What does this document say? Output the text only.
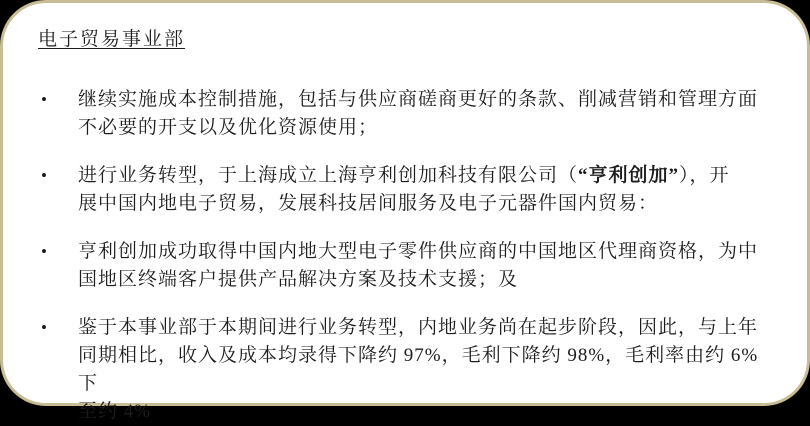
电子贸易事业部
•	继续实施成本控制措施，包括与供应商磋商更好的条款、削减营销和管理方面
不必要的开支以及优化资源使用；
•	进行业务转型，于上海成立上海亨利创加科技有限公司（“亨利创加”），开
展中国内地电子贸易，发展科技居间服务及电子元器件国内贸易：
•	亨利创加成功取得中国内地大型电子零件供应商的中国地区代理商资格，为中
国地区终端客户提供产品解决方案及技术支援；及
•	鉴于本事业部于本期间进行业务转型，内地业务尚在起步阶段，因此，与上年
同期相比，收入及成本均录得下降约 97%，毛利下降约 98%，毛利率由约 6%下
至约 4%
